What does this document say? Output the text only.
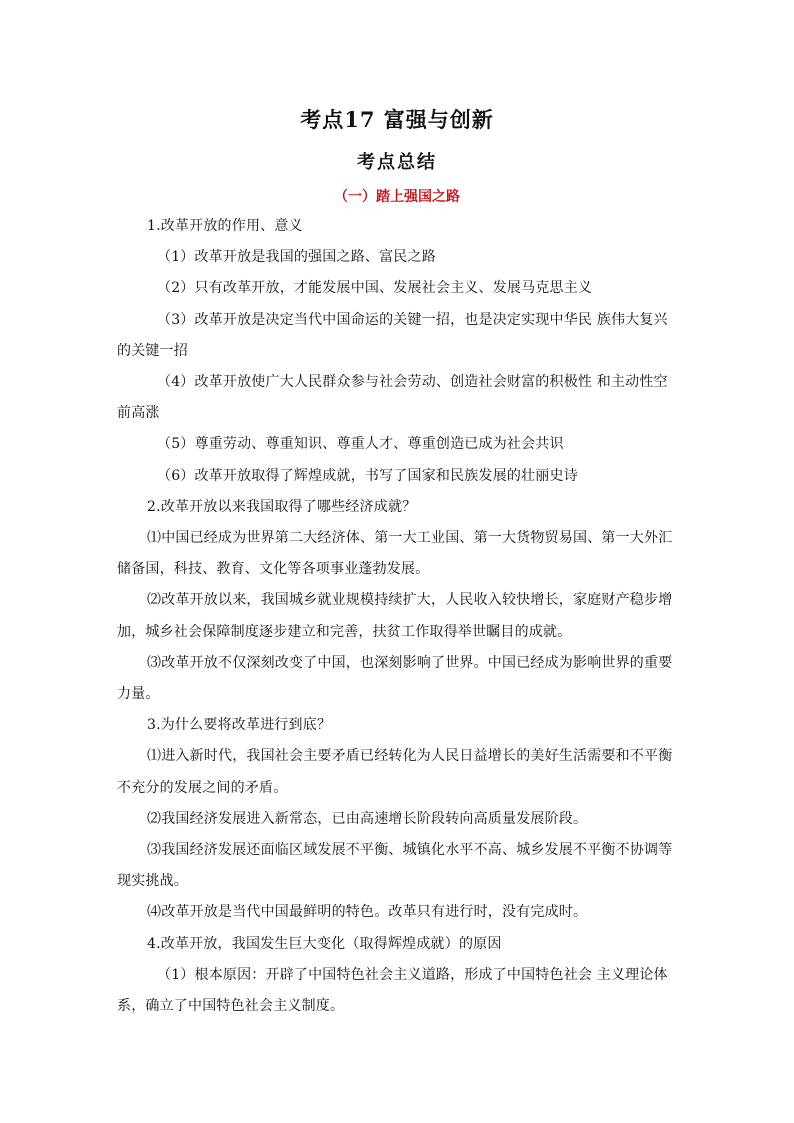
考点17 富强与创新
考点总结
（一）踏上强国之路

1.改革开放的作用、意义

（1）改革开放是我国的强国之路、富民之路

（2）只有改革开放，才能发展中国、发展社会主义、发展马克思主义

（3）改革开放是决定当代中国命运的关键一招，也是决定实现中华民 族伟大复兴的关键一招

（4）改革开放使广大人民群众参与社会劳动、创造社会财富的积极性 和主动性空前高涨

（5）尊重劳动、尊重知识、尊重人才、尊重创造已成为社会共识

（6）改革开放取得了辉煌成就，书写了国家和民族发展的壮丽史诗

2.改革开放以来我国取得了哪些经济成就？

⑴中国已经成为世界第二大经济体、第一大工业国、第一大货物贸易国、第一大外汇储备国，科技、教育、文化等各项事业蓬勃发展。

⑵改革开放以来，我国城乡就业规模持续扩大，人民收入较快增长，家庭财产稳步增加，城乡社会保障制度逐步建立和完善，扶贫工作取得举世瞩目的成就。

⑶改革开放不仅深刻改变了中国，也深刻影响了世界。中国已经成为影响世界的重要力量。

3.为什么要将改革进行到底？

⑴进入新时代，我国社会主要矛盾已经转化为人民日益增长的美好生活需要和不平衡不充分的发展之间的矛盾。

⑵我国经济发展进入新常态，已由高速增长阶段转向高质量发展阶段。

⑶我国经济发展还面临区域发展不平衡、城镇化水平不高、城乡发展不平衡不协调等现实挑战。

⑷改革开放是当代中国最鲜明的特色。改革只有进行时，没有完成时。

4.改革开放，我国发生巨大变化（取得辉煌成就）的原因

（1）根本原因：开辟了中国特色社会主义道路，形成了中国特色社会 主义理论体系，确立了中国特色社会主义制度。
